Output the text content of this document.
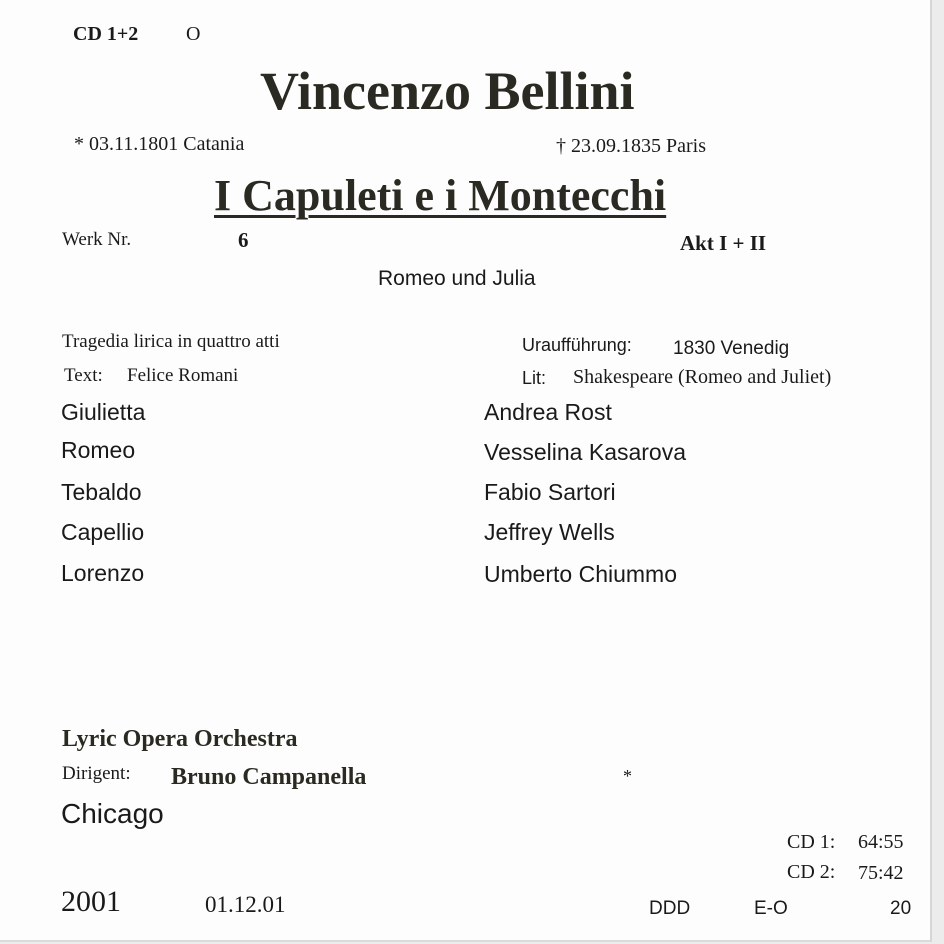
CD 1+2 O
Vincenzo Bellini
* 03.11.1801 Catania	† 23.09.1835 Paris
I Capuleti e i Montecchi
Werk Nr.	6	Akt I + II
Romeo und Julia
Tragedia lirica in quattro atti
Text: Felice Romani
Uraufführung: 1830 Venedig
Lit: Shakespeare (Romeo and Juliet)
Giulietta	Andrea Rost
Romeo	Vesselina Kasarova
Tebaldo	Fabio Sartori
Capellio	Jeffrey Wells
Lorenzo	Umberto Chiummo
Lyric Opera Orchestra
Dirigent: Bruno Campanella	*
Chicago
CD 1: 64:55
CD 2: 75:42
2001	01.12.01	DDD	E-O	20
